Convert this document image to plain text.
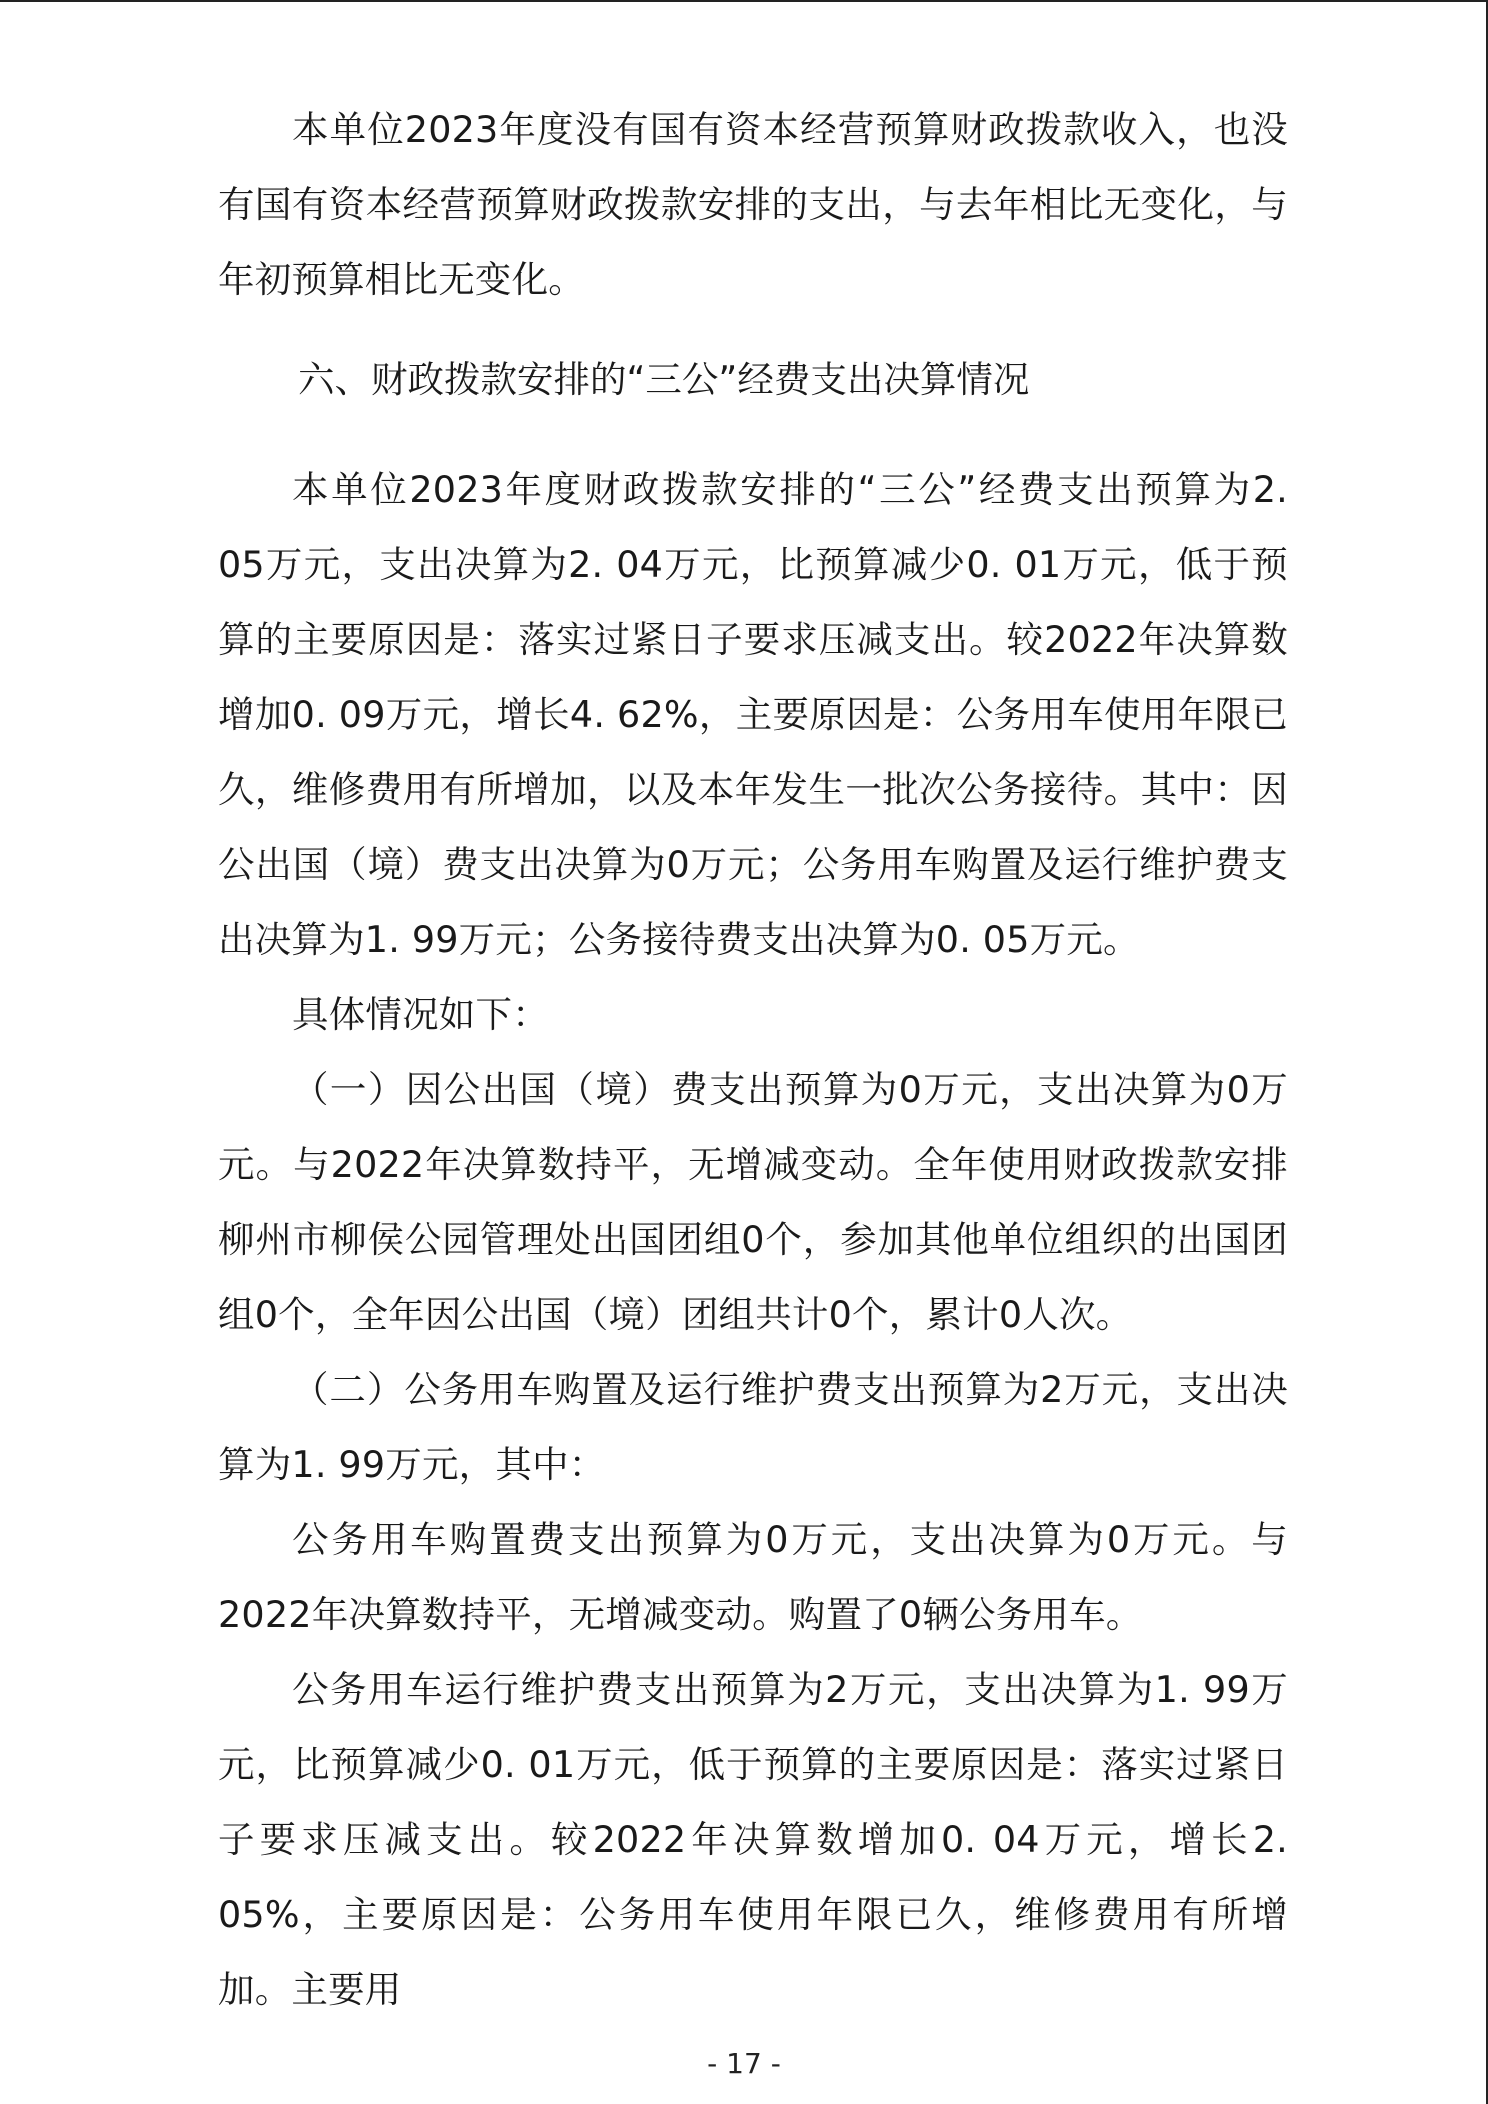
本单位2023年度没有国有资本经营预算财政拨款收入，也没有国有资本经营预算财政拨款安排的支出，与去年相比无变化，与年初预算相比无变化。

六、财政拨款安排的“三公”经费支出决算情况

本单位2023年度财政拨款安排的“三公”经费支出预算为2. 05万元，支出决算为2. 04万元，比预算减少0. 01万元，低于预算的主要原因是：落实过紧日子要求压减支出。较2022年决算数增加0. 09万元，增长4. 62%，主要原因是：公务用车使用年限已久，维修费用有所增加，以及本年发生一批次公务接待。其中：因公出国（境）费支出决算为0万元；公务用车购置及运行维护费支出决算为1. 99万元；公务接待费支出决算为0. 05万元。

具体情况如下：

（一）因公出国（境）费支出预算为0万元，支出决算为0万元。与2022年决算数持平，无增减变动。全年使用财政拨款安排柳州市柳侯公园管理处出国团组0个，参加其他单位组织的出国团组0个，全年因公出国（境）团组共计0个，累计0人次。

（二）公务用车购置及运行维护费支出预算为2万元，支出决算为1. 99万元，其中：

公务用车购置费支出预算为0万元，支出决算为0万元。与2022年决算数持平，无增减变动。购置了0辆公务用车。

公务用车运行维护费支出预算为2万元，支出决算为1. 99万元，比预算减少0. 01万元，低于预算的主要原因是：落实过紧日子要求压减支出。较2022年决算数增加0. 04万元，增长2. 05%，主要原因是：公务用车使用年限已久，维修费用有所增加。主要用

- 17 -
